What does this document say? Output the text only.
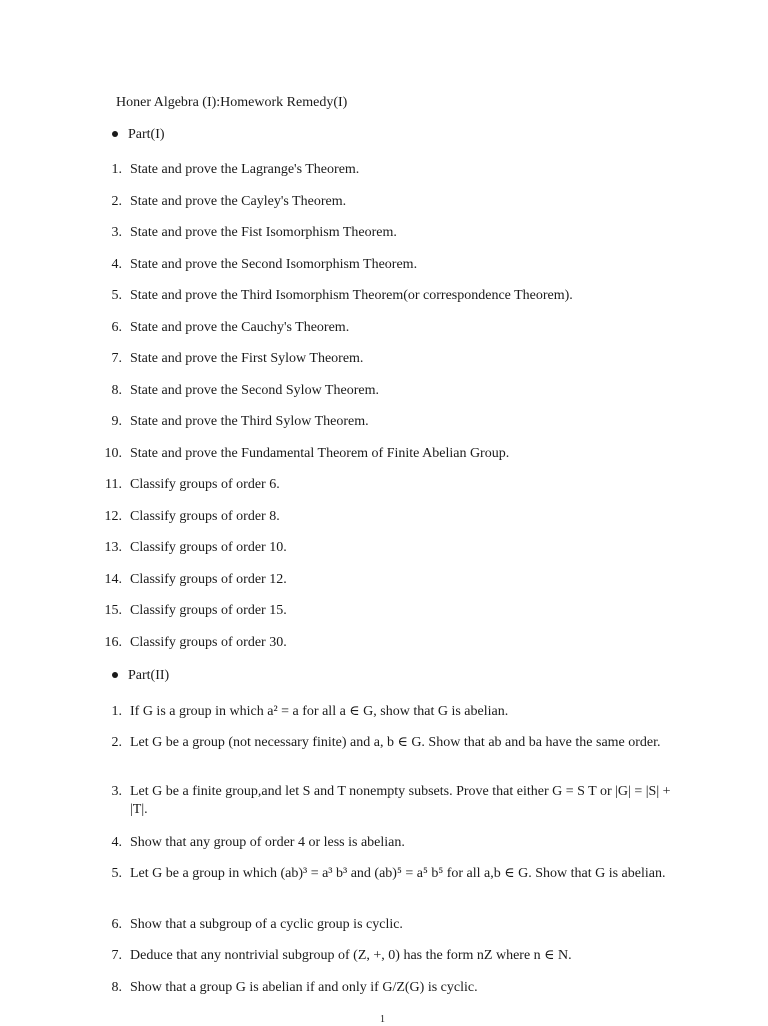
Honer Algebra (I):Homework Remedy(I)
Part(I)
1. State and prove the Lagrange's Theorem.
2. State and prove the Cayley's Theorem.
3. State and prove the Fist Isomorphism Theorem.
4. State and prove the Second Isomorphism Theorem.
5. State and prove the Third Isomorphism Theorem(or correspondence Theorem).
6. State and prove the Cauchy's Theorem.
7. State and prove the First Sylow Theorem.
8. State and prove the Second Sylow Theorem.
9. State and prove the Third Sylow Theorem.
10. State and prove the Fundamental Theorem of Finite Abelian Group.
11. Classify groups of order 6.
12. Classify groups of order 8.
13. Classify groups of order 10.
14. Classify groups of order 12.
15. Classify groups of order 15.
16. Classify groups of order 30.
Part(II)
1. If G is a group in which a² = a for all a ∈ G, show that G is abelian.
2. Let G be a group (not necessary finite) and a, b ∈ G. Show that ab and ba have the same order.
3. Let G be a finite group,and let S and T nonempty subsets. Prove that either G = S T or |G| = |S| + |T|.
4. Show that any group of order 4 or less is abelian.
5. Let G be a group in which (ab)³ = a³ b³ and (ab)⁵ = a⁵ b⁵ for all a,b ∈ G. Show that G is abelian.
6. Show that a subgroup of a cyclic group is cyclic.
7. Deduce that any nontrivial subgroup of (Z, +, 0) has the form nZ where n ∈ N.
8. Show that a group G is abelian if and only if G/Z(G) is cyclic.
1
